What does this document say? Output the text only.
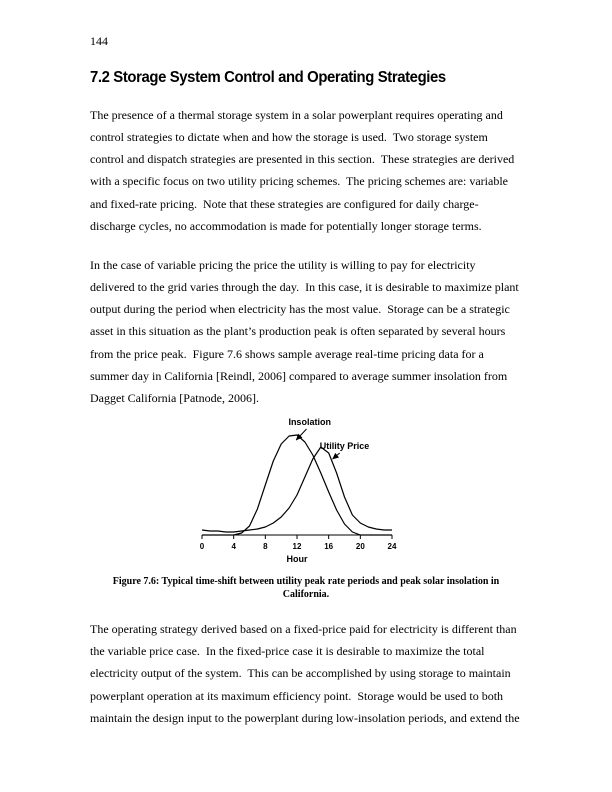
144
7.2 Storage System Control and Operating Strategies
The presence of a thermal storage system in a solar powerplant requires operating and
control strategies to dictate when and how the storage is used.  Two storage system
control and dispatch strategies are presented in this section.  These strategies are derived
with a specific focus on two utility pricing schemes.  The pricing schemes are: variable
and fixed-rate pricing.  Note that these strategies are configured for daily charge-
discharge cycles, no accommodation is made for potentially longer storage terms.
In the case of variable pricing the price the utility is willing to pay for electricity
delivered to the grid varies through the day.  In this case, it is desirable to maximize plant
output during the period when electricity has the most value.  Storage can be a strategic
asset in this situation as the plant’s production peak is often separated by several hours
from the price peak.  Figure 7.6 shows sample average real-time pricing data for a
summer day in California [Reindl, 2006] compared to average summer insolation from
Dagget California [Patnode, 2006].
0	4	8	12	16	20	24
Hour
Insolation
Utility Price
Figure 7.6: Typical time-shift between utility peak rate periods and peak solar insolation in
California.
The operating strategy derived based on a fixed-price paid for electricity is different than
the variable price case.  In the fixed-price case it is desirable to maximize the total
electricity output of the system.  This can be accomplished by using storage to maintain
powerplant operation at its maximum efficiency point.  Storage would be used to both
maintain the design input to the powerplant during low-insolation periods, and extend the
